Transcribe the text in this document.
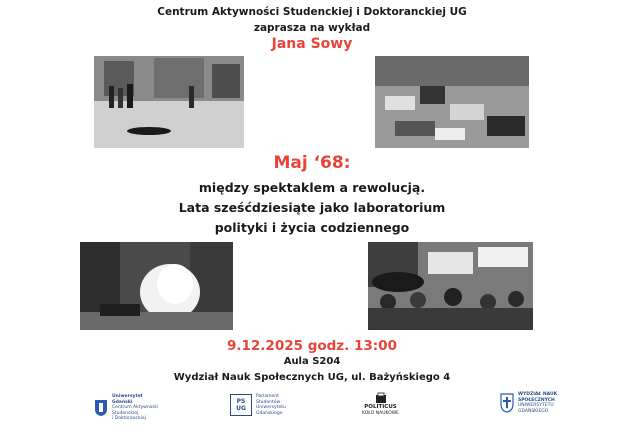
Centrum Aktywności Studenckiej i Doktoranckiej UG
zaprasza na wykład
Jana Sowy
Maj ‘68:
między spektaklem a rewolucją.
Lata sześćdziesiąte jako laboratorium
polityki i życia codziennego
9.12.2025 godz. 13:00
Aula S204
Wydział Nauk Społecznych UG, ul. Bażyńskiego 4
Uniwersytet
Gdański
Centrum Aktywności
Studenckiej
i Doktoranckiej
PS UG
Parlament
Studentów
Uniwersytetu
Gdańskiego
POLITICUS
KOŁO NAUKOWE
WYDZIAŁ NAUK
SPOŁECZNYCH
UNIWERSYTETU
GDAŃSKIEGO
